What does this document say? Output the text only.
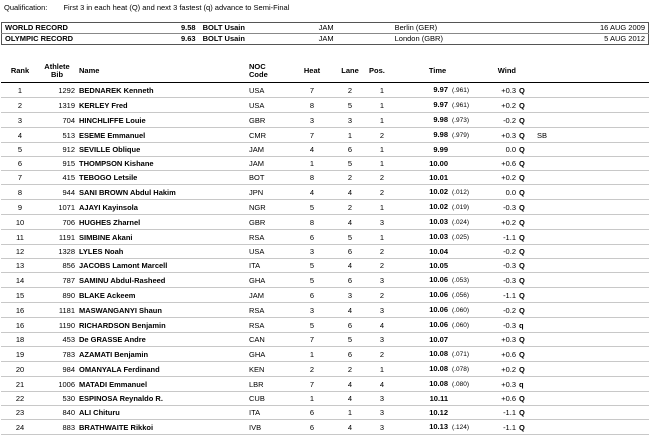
Qualification: First 3 in each heat (Q) and next 3 fastest (q) advance to Semi-Final
WORLD RECORD	9.58	BOLT Usain	JAM	Berlin (GER)	16 AUG 2009
OLYMPIC RECORD	9.63	BOLT Usain	JAM	London (GBR)	5 AUG 2012
Rank	Athlete Bib	Name	NOC Code	Heat	Lane	Pos.	Time	Wind		
1	1292	BEDNAREK Kenneth	USA	7	2	1	9.97 (.961)	+0.3	Q	
2	1319	KERLEY Fred	USA	8	5	1	9.97 (.961)	+0.2	Q	
3	704	HINCHLIFFE Louie	GBR	3	3	1	9.98 (.973)	-0.2	Q	
4	513	ESEME Emmanuel	CMR	7	1	2	9.98 (.979)	+0.3	Q	SB
5	912	SEVILLE Oblique	JAM	4	6	1	9.99	0.0	Q	
6	915	THOMPSON Kishane	JAM	1	5	1	10.00	+0.6	Q	
7	415	TEBOGO Letsile	BOT	8	2	2	10.01	+0.2	Q	
8	944	SANI BROWN Abdul Hakim	JPN	4	4	2	10.02 (.012)	0.0	Q	
9	1071	AJAYI Kayinsola	NGR	5	2	1	10.02 (.019)	-0.3	Q	
10	706	HUGHES Zharnel	GBR	8	4	3	10.03 (.024)	+0.2	Q	
11	1191	SIMBINE Akani	RSA	6	5	1	10.03 (.025)	-1.1	Q	
12	1328	LYLES Noah	USA	3	6	2	10.04	-0.2	Q	
13	856	JACOBS Lamont Marcell	ITA	5	4	2	10.05	-0.3	Q	
14	787	SAMINU Abdul-Rasheed	GHA	5	6	3	10.06 (.053)	-0.3	Q	
15	890	BLAKE Ackeem	JAM	6	3	2	10.06 (.056)	-1.1	Q	
16	1181	MASWANGANYI Shaun	RSA	3	4	3	10.06 (.060)	-0.2	Q	
16	1190	RICHARDSON Benjamin	RSA	5	6	4	10.06 (.060)	-0.3	q	
18	453	De GRASSE Andre	CAN	7	5	3	10.07	+0.3	Q	
19	783	AZAMATI Benjamin	GHA	1	6	2	10.08 (.071)	+0.6	Q	
20	984	OMANYALA Ferdinand	KEN	2	2	1	10.08 (.078)	+0.2	Q	
21	1006	MATADI Emmanuel	LBR	7	4	4	10.08 (.080)	+0.3	q	
22	530	ESPINOSA Reynaldo R.	CUB	1	4	3	10.11	+0.6	Q	
23	840	ALI Chituru	ITA	6	1	3	10.12	-1.1	Q	
24	883	BRATHWAITE Rikkoi	IVB	6	4	3	10.13 (.124)	-1.1	Q	
